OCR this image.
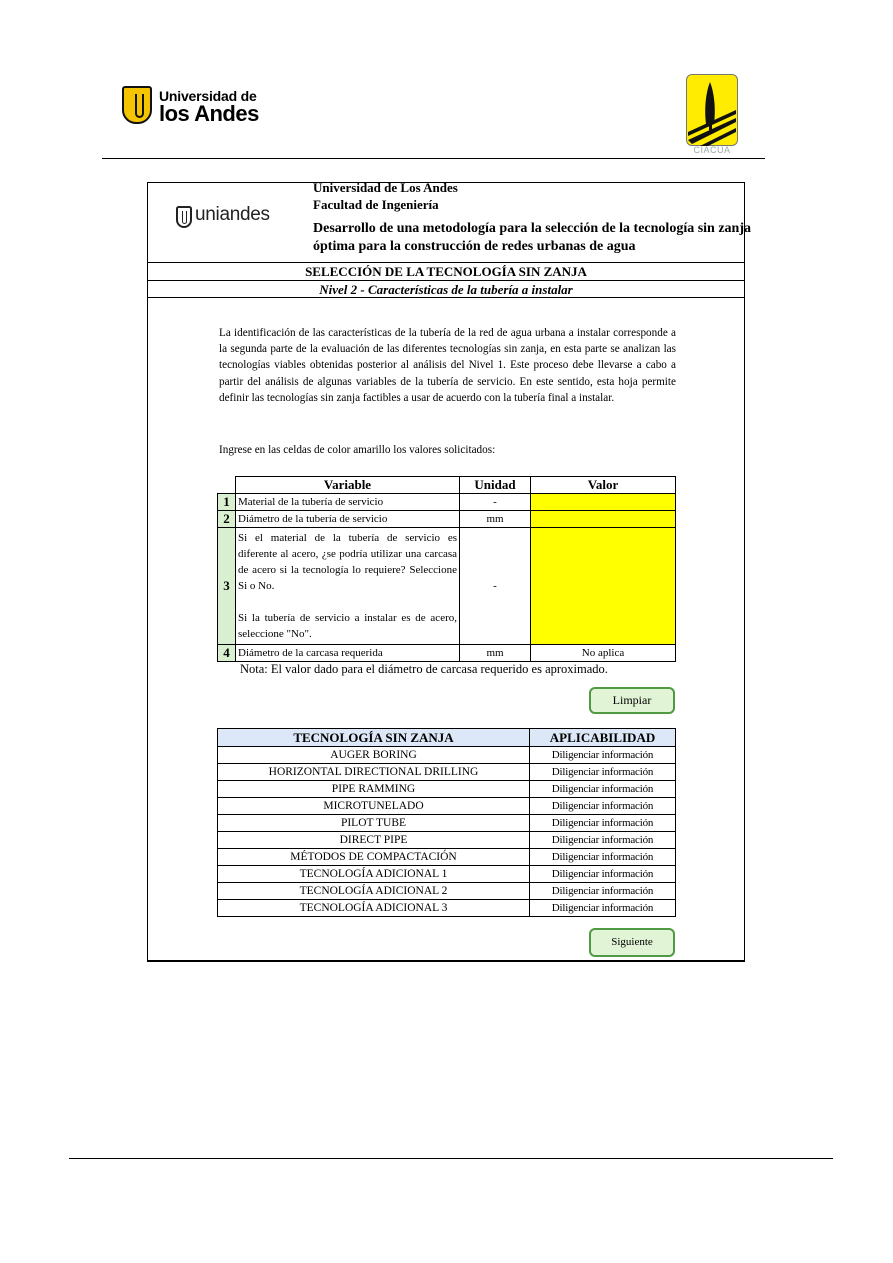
Universidad de
los Andes
CIACUA
uniandes
Universidad de Los Andes
Facultad de Ingeniería
Desarrollo de una metodología para la selección de la tecnología sin zanja
óptima para la construcción de redes urbanas de agua
SELECCIÓN DE LA TECNOLOGÍA SIN ZANJA
Nivel 2 - Características de la tubería a instalar
La identificación de las características de la tubería de la red de agua urbana a instalar corresponde a la segunda parte de la evaluación de las diferentes tecnologías sin zanja, en esta parte se analizan las tecnologías viables obtenidas posterior al análisis del Nivel 1. Este proceso debe llevarse a cabo a partir del análisis de algunas variables de la tubería de servicio. En este sentido, esta hoja permite definir las tecnologías sin zanja factibles a usar de acuerdo con la tubería final a instalar.
Ingrese en las celdas de color amarillo los valores solicitados:
	Variable	Unidad	Valor
1	Material de la tubería de servicio	-	
2	Diámetro de la tubería de servicio	mm	
3	Si el material de la tubería de servicio es diferente al acero, ¿se podría utilizar una carcasa de acero si la tecnología lo requiere? Seleccione Si o No.
Si la tubería de servicio a instalar es de acero, seleccione "No".	-	
4	Diámetro de la carcasa requerida	mm	No aplica
Nota: El valor dado para el diámetro de carcasa requerido es aproximado.
Limpiar
TECNOLOGÍA SIN ZANJA	APLICABILIDAD
AUGER BORING	Diligenciar información
HORIZONTAL DIRECTIONAL DRILLING	Diligenciar información
PIPE RAMMING	Diligenciar información
MICROTUNELADO	Diligenciar información
PILOT TUBE	Diligenciar información
DIRECT PIPE	Diligenciar información
MÉTODOS DE COMPACTACIÓN	Diligenciar información
TECNOLOGÍA ADICIONAL 1	Diligenciar información
TECNOLOGÍA ADICIONAL 2	Diligenciar información
TECNOLOGÍA ADICIONAL 3	Diligenciar información
Siguiente
